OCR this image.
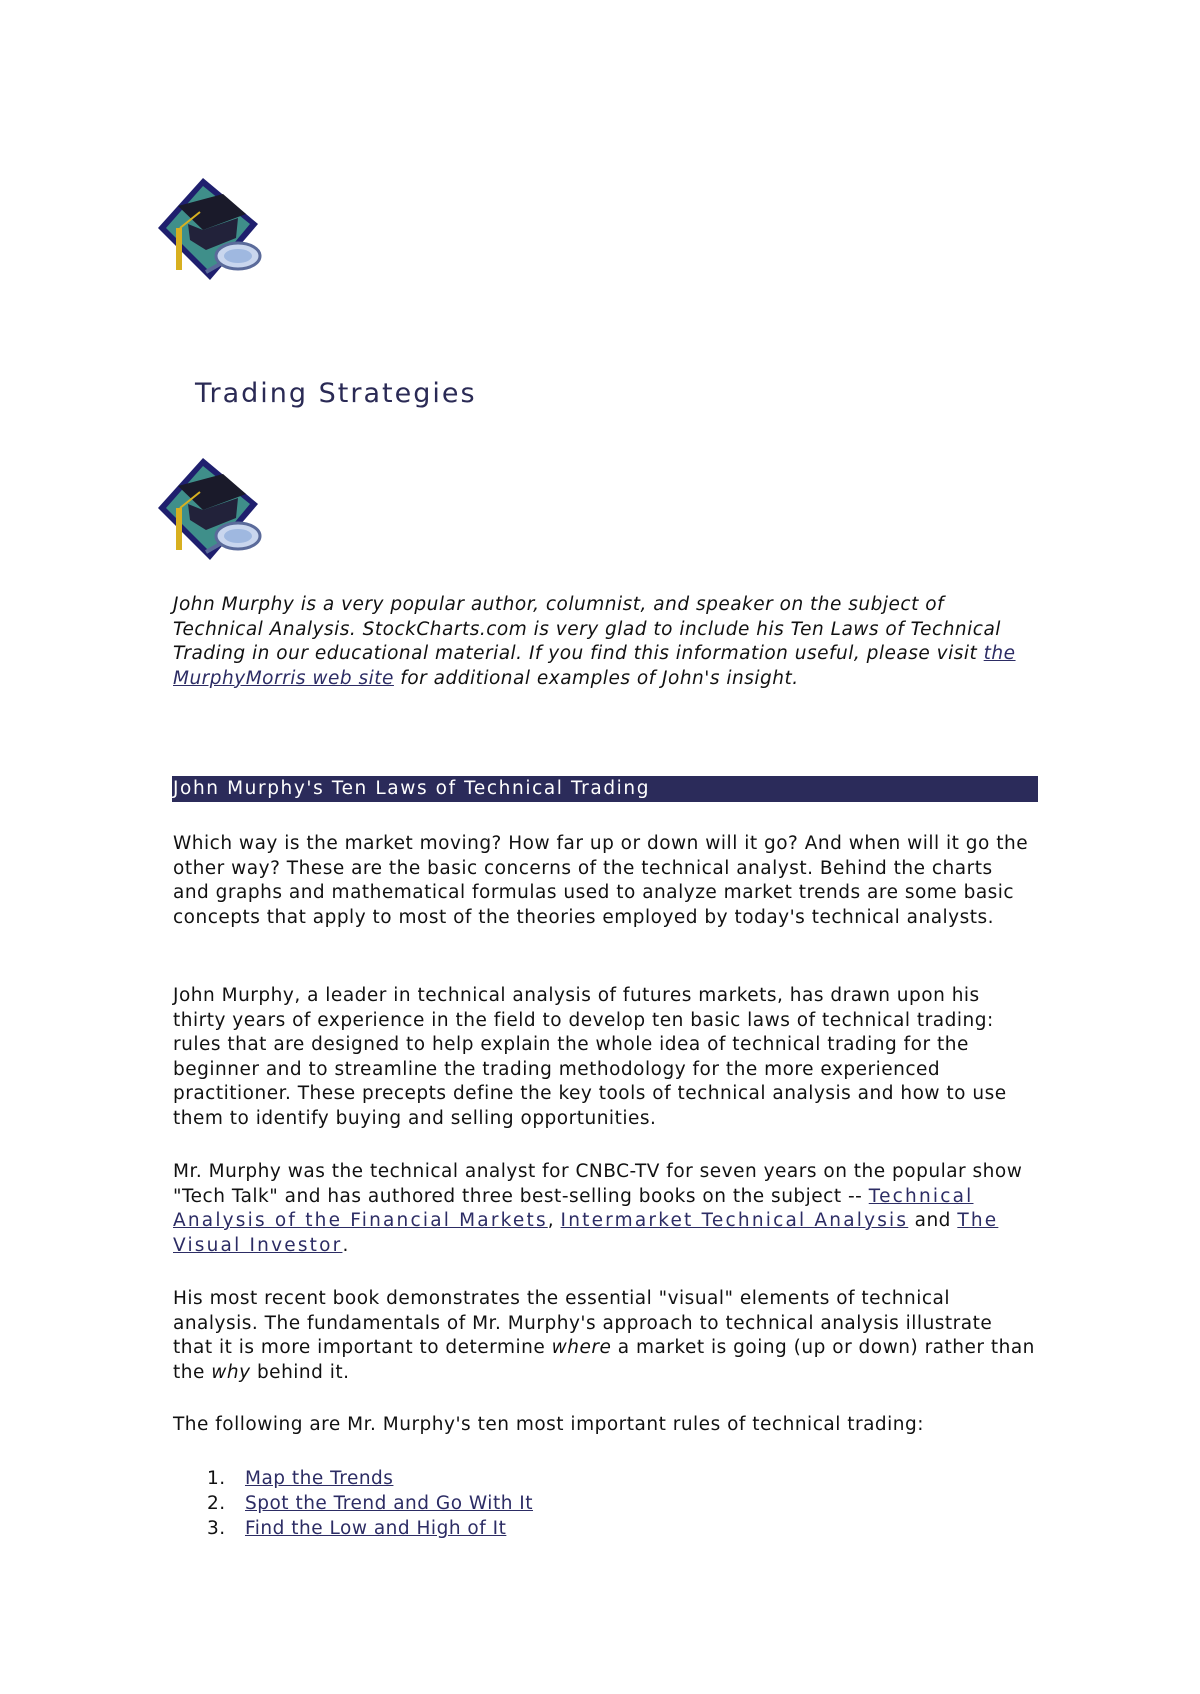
Trading Strategies

John Murphy is a very popular author, columnist, and speaker on the subject of Technical Analysis. StockCharts.com is very glad to include his Ten Laws of Technical Trading in our educational material. If you find this information useful, please visit the MurphyMorris web site for additional examples of John's insight.

John Murphy's Ten Laws of Technical Trading

Which way is the market moving? How far up or down will it go? And when will it go the other way? These are the basic concerns of the technical analyst. Behind the charts and graphs and mathematical formulas used to analyze market trends are some basic concepts that apply to most of the theories employed by today's technical analysts.

John Murphy, a leader in technical analysis of futures markets, has drawn upon his thirty years of experience in the field to develop ten basic laws of technical trading: rules that are designed to help explain the whole idea of technical trading for the beginner and to streamline the trading methodology for the more experienced practitioner. These precepts define the key tools of technical analysis and how to use them to identify buying and selling opportunities.

Mr. Murphy was the technical analyst for CNBC-TV for seven years on the popular show "Tech Talk" and has authored three best-selling books on the subject -- Technical Analysis of the Financial Markets, Intermarket Technical Analysis and The Visual Investor.

His most recent book demonstrates the essential "visual" elements of technical analysis. The fundamentals of Mr. Murphy's approach to technical analysis illustrate that it is more important to determine where a market is going (up or down) rather than the why behind it.

The following are Mr. Murphy's ten most important rules of technical trading:

1. Map the Trends
2. Spot the Trend and Go With It
3. Find the Low and High of It
